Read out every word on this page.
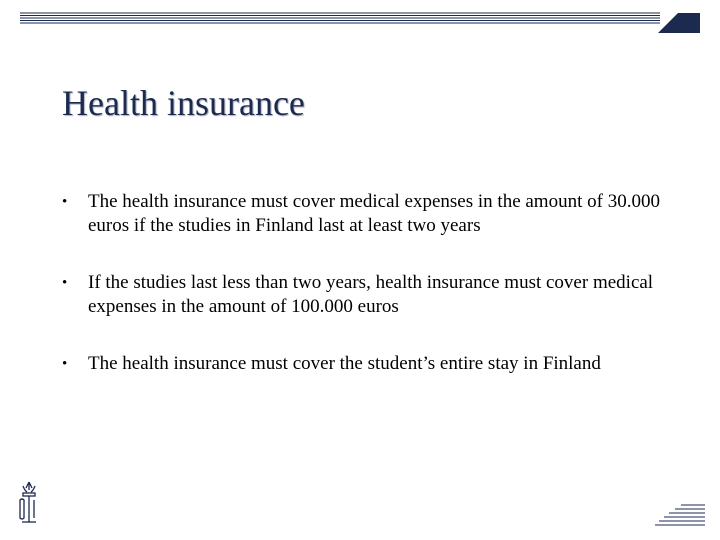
Health insurance
• The health insurance must cover medical expenses in the amount of 30.000 euros if the studies in Finland last at least two years
• If the studies last less than two years, health insurance must cover medical expenses in the amount of 100.000 euros
• The health insurance must cover the student’s entire stay in Finland
